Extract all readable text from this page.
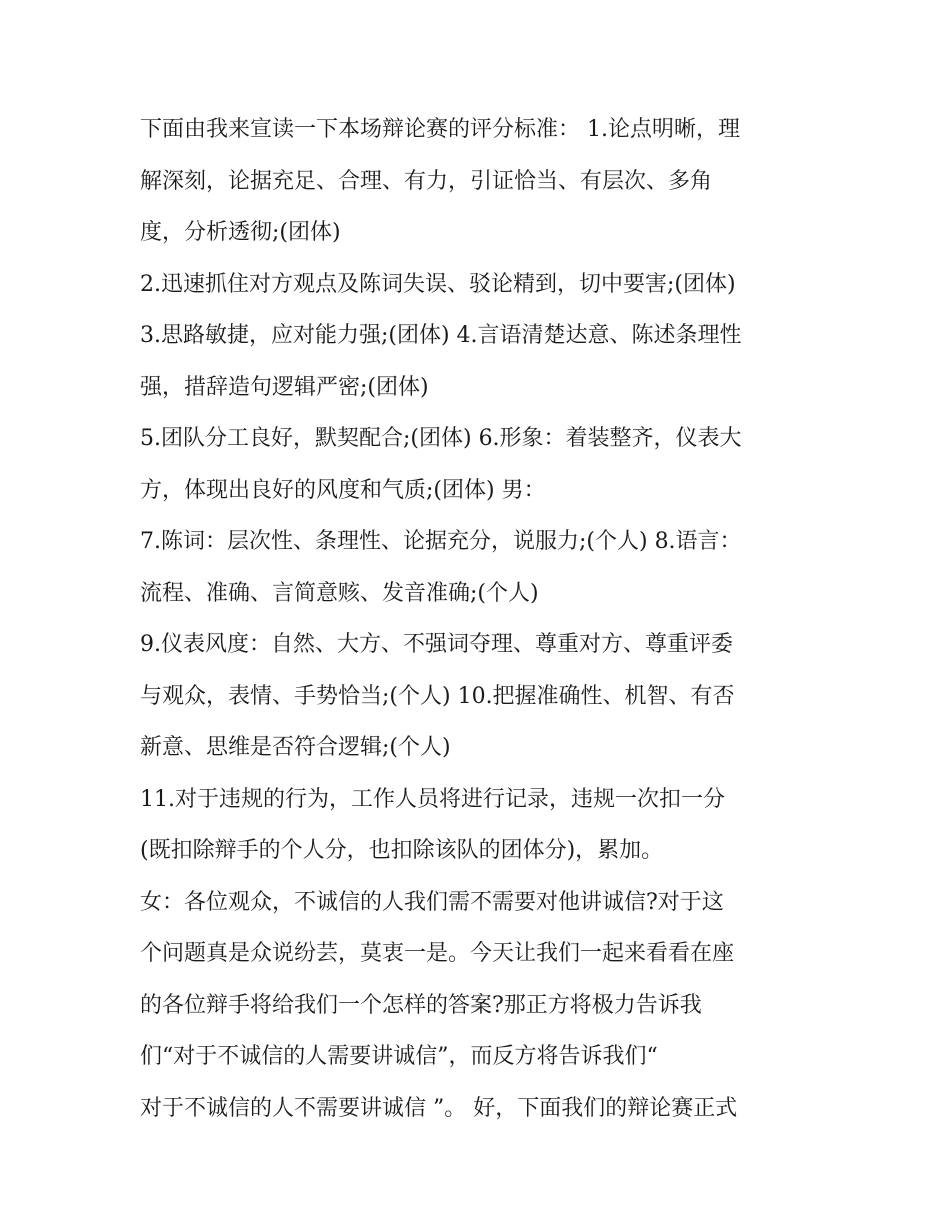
下面由我来宣读一下本场辩论赛的评分标准： 1.论点明晰，理
解深刻，论据充足、合理、有力，引证恰当、有层次、多角
度，分析透彻;(团体)
2.迅速抓住对方观点及陈词失误、驳论精到，切中要害;(团体)
3.思路敏捷，应对能力强;(团体) 4.言语清楚达意、陈述条理性
强，措辞造句逻辑严密;(团体)
5.团队分工良好，默契配合;(团体) 6.形象：着装整齐，仪表大
方，体现出良好的风度和气质;(团体) 男：
7.陈词：层次性、条理性、论据充分，说服力;(个人) 8.语言：
流程、准确、言简意赅、发音准确;(个人)
9.仪表风度：自然、大方、不强词夺理、尊重对方、尊重评委
与观众，表情、手势恰当;(个人) 10.把握准确性、机智、有否
新意、思维是否符合逻辑;(个人)
11.对于违规的行为，工作人员将进行记录，违规一次扣一分
(既扣除辩手的个人分，也扣除该队的团体分)，累加。
女：各位观众，不诚信的人我们需不需要对他讲诚信?对于这
个问题真是众说纷芸，莫衷一是。今天让我们一起来看看在座
的各位辩手将给我们一个怎样的答案?那正方将极力告诉我
们“对于不诚信的人需要讲诚信”，而反方将告诉我们“
对于不诚信的人不需要讲诚信 ”。 好，下面我们的辩论赛正式
